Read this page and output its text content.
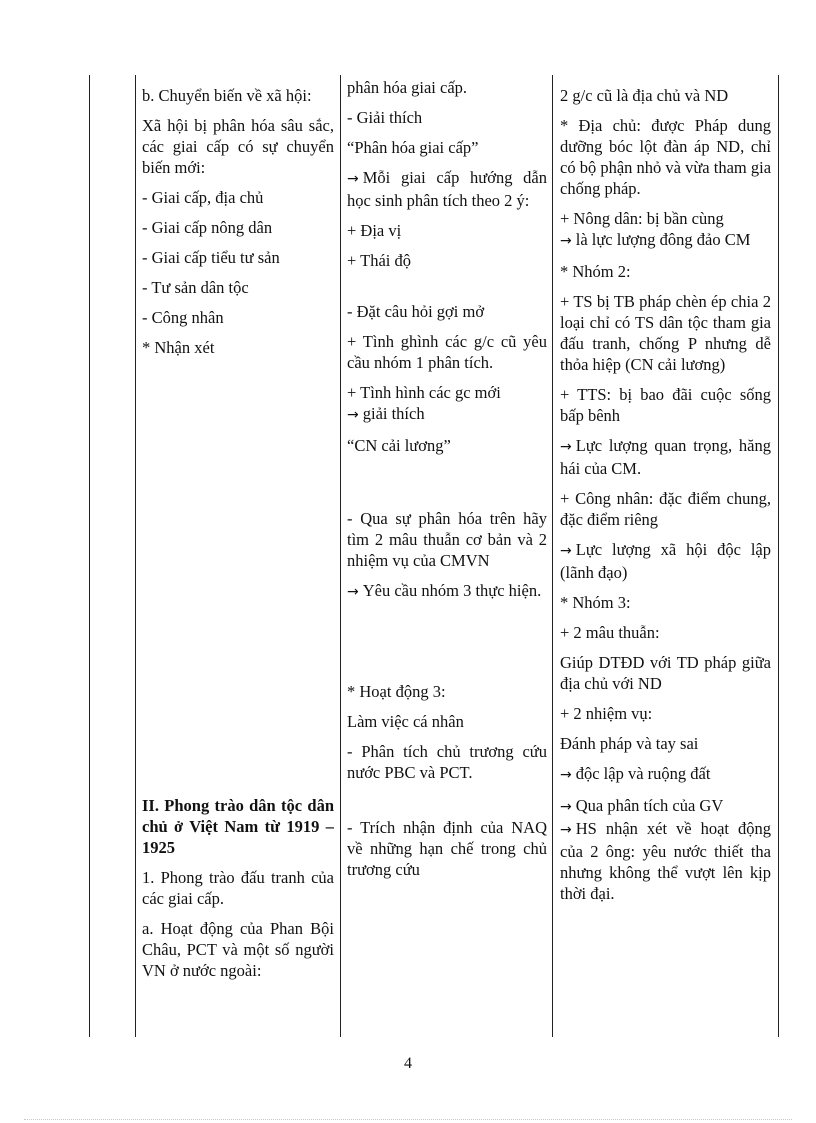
b. Chuyển biến về xã hội:

Xã hội bị phân hóa sâu sắc, các giai cấp có sự chuyển biến mới:

- Giai cấp, địa chủ

- Giai cấp nông dân

- Giai cấp tiểu tư sản

- Tư sản dân tộc

- Công nhân

* Nhận xét

II. Phong trào dân tộc dân chủ ở Việt Nam từ 1919 – 1925

1. Phong trào đấu tranh của các giai cấp.

a. Hoạt động của Phan Bội Châu, PCT và một số người VN ở nước ngoài:

phân hóa giai cấp.

- Giải thích

“Phân hóa giai cấp”

→ Mỗi giai cấp hướng dẫn học sinh phân tích theo 2 ý:

+ Địa vị

+ Thái độ

- Đặt câu hỏi gợi mở

+ Tình ghình các g/c cũ yêu cầu nhóm 1 phân tích.

+ Tình hình các gc mới
→ giải thích

“CN cải lương”

- Qua sự phân hóa trên hãy tìm 2 mâu thuẫn cơ bản và 2 nhiệm vụ của CMVN

→ Yêu cầu nhóm 3 thực hiện.

* Hoạt động 3:

Làm việc cá nhân

- Phân tích chủ trương cứu nước PBC và PCT.

- Trích nhận định của NAQ về những hạn chế trong chủ trương cứu

2 g/c cũ là địa chủ và ND

* Địa chủ: được Pháp dung dưỡng bóc lột đàn áp ND, chỉ có bộ phận nhỏ và vừa tham gia chống pháp.

+ Nông dân: bị bần cùng
→ là lực lượng đông đảo CM

* Nhóm 2:

+ TS bị TB pháp chèn ép chia 2 loại chỉ có TS dân tộc tham gia đấu tranh, chống P nhưng dễ thỏa hiệp (CN cải lương)

+ TTS: bị bao đãi cuộc sống bấp bênh

→ Lực lượng quan trọng, hăng hái của CM.

+ Công nhân: đặc điểm chung, đặc điểm riêng

→ Lực lượng xã hội độc lập (lãnh đạo)

* Nhóm 3:

+ 2 mâu thuẫn:

Giúp DTĐD với TD pháp giữa địa chủ với ND

+ 2 nhiệm vụ:

Đánh pháp và tay sai

→ độc lập và ruộng đất

→ Qua phân tích của GV
→ HS nhận xét về hoạt động của 2 ông: yêu nước thiết tha nhưng không thể vượt lên kịp thời đại.

4
